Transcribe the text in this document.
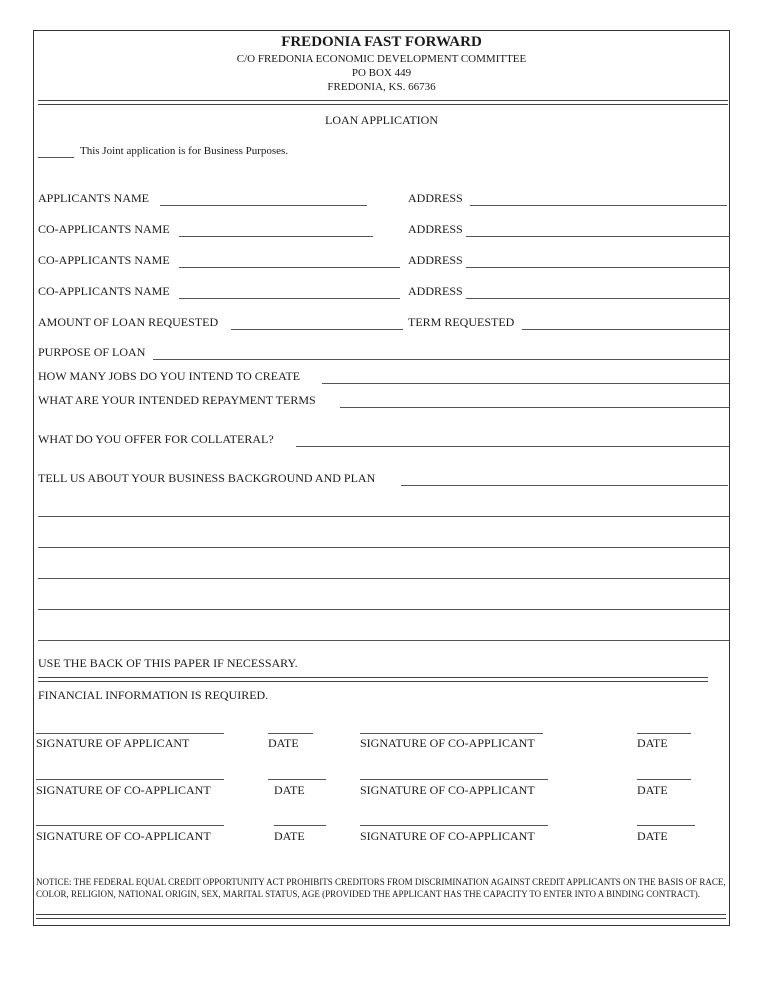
FREDONIA FAST FORWARD
C/O FREDONIA ECONOMIC DEVELOPMENT COMMITTEE
PO BOX 449
FREDONIA, KS. 66736
LOAN APPLICATION
This Joint application is for Business Purposes.
APPLICANTS NAME	ADDRESS
CO-APPLICANTS NAME	ADDRESS
CO-APPLICANTS NAME	ADDRESS
CO-APPLICANTS NAME	ADDRESS
AMOUNT OF LOAN REQUESTED	TERM REQUESTED
PURPOSE OF LOAN
HOW MANY JOBS DO YOU INTEND TO CREATE
WHAT ARE YOUR INTENDED REPAYMENT TERMS
WHAT DO YOU OFFER FOR COLLATERAL?
TELL US ABOUT YOUR BUSINESS BACKGROUND AND PLAN
USE THE BACK OF THIS PAPER IF NECESSARY.
FINANCIAL INFORMATION IS REQUIRED.
SIGNATURE OF APPLICANT	DATE	SIGNATURE OF CO-APPLICANT	DATE
SIGNATURE OF CO-APPLICANT	DATE	SIGNATURE OF CO-APPLICANT	DATE
SIGNATURE OF CO-APPLICANT	DATE	SIGNATURE OF CO-APPLICANT	DATE
NOTICE: THE FEDERAL EQUAL CREDIT OPPORTUNITY ACT PROHIBITS CREDITORS FROM DISCRIMINATION AGAINST CREDIT APPLICANTS ON THE BASIS OF RACE, COLOR, RELIGION, NATIONAL ORIGIN, SEX, MARITAL STATUS, AGE (PROVIDED THE APPLICANT HAS THE CAPACITY TO ENTER INTO A BINDING CONTRACT).
